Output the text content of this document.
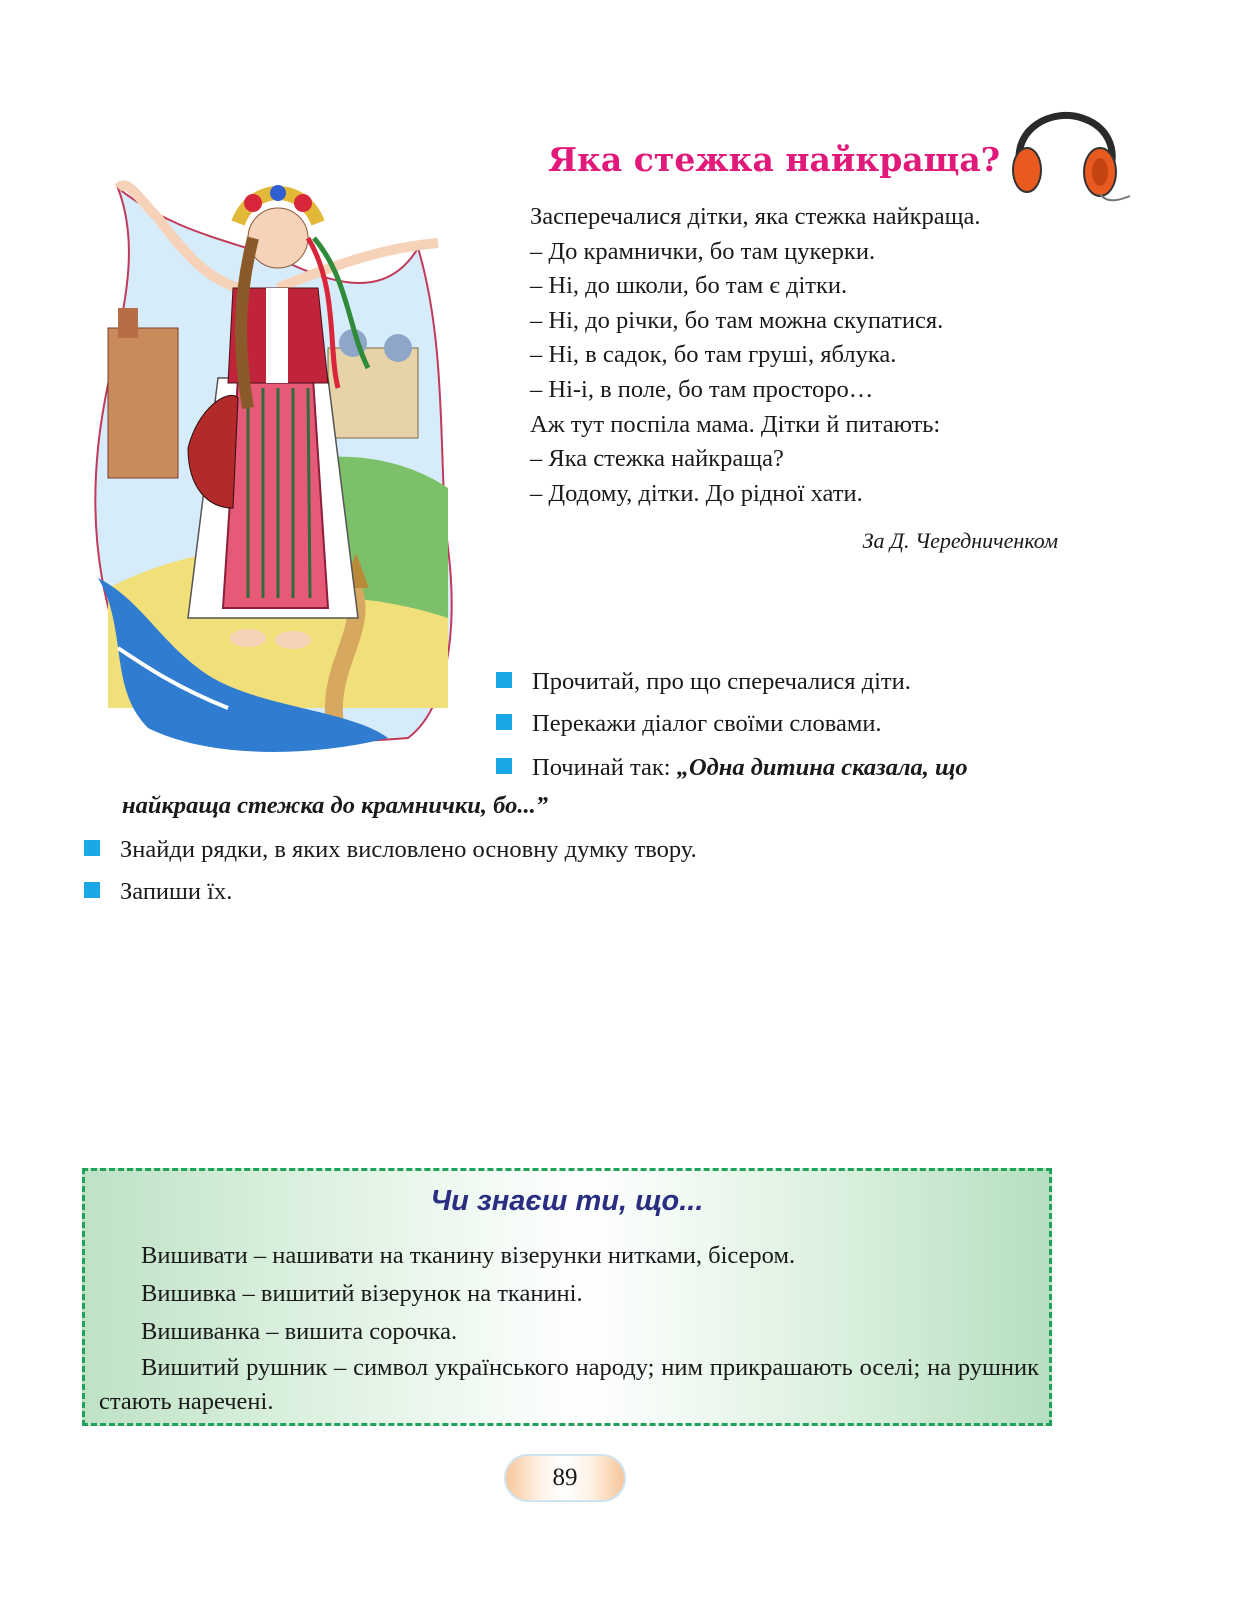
Яка стежка найкраща?
Засперечалися дітки, яка стежка найкраща.
– До крамнички, бо там цукерки.
– Ні, до школи, бо там є дітки.
– Ні, до річки, бо там можна скупатися.
– Ні, в садок, бо там груші, яблука.
– Ні-і, в поле, бо там просторо…
Аж тут поспіла мама. Дітки й питають:
– Яка стежка найкраща?
– Додому, дітки. До рідної хати.
За Д. Чередниченком
Прочитай, про що сперечалися діти.
Перекажи діалог своїми словами.
Починай так: „Одна дитина сказала, що
найкраща стежка до крамнички, бо...”
Знайди рядки, в яких висловлено основну думку твору.
Запиши їх.
Чи знаєш ти, що...

Вишивати – нашивати на тканину візерунки нитками, бісером.

Вишивка – вишитий візерунок на тканині.

Вишиванка – вишита сорочка.

Вишитий рушник – символ українського народу; ним прикрашають оселі; на рушник стають наречені.

89
